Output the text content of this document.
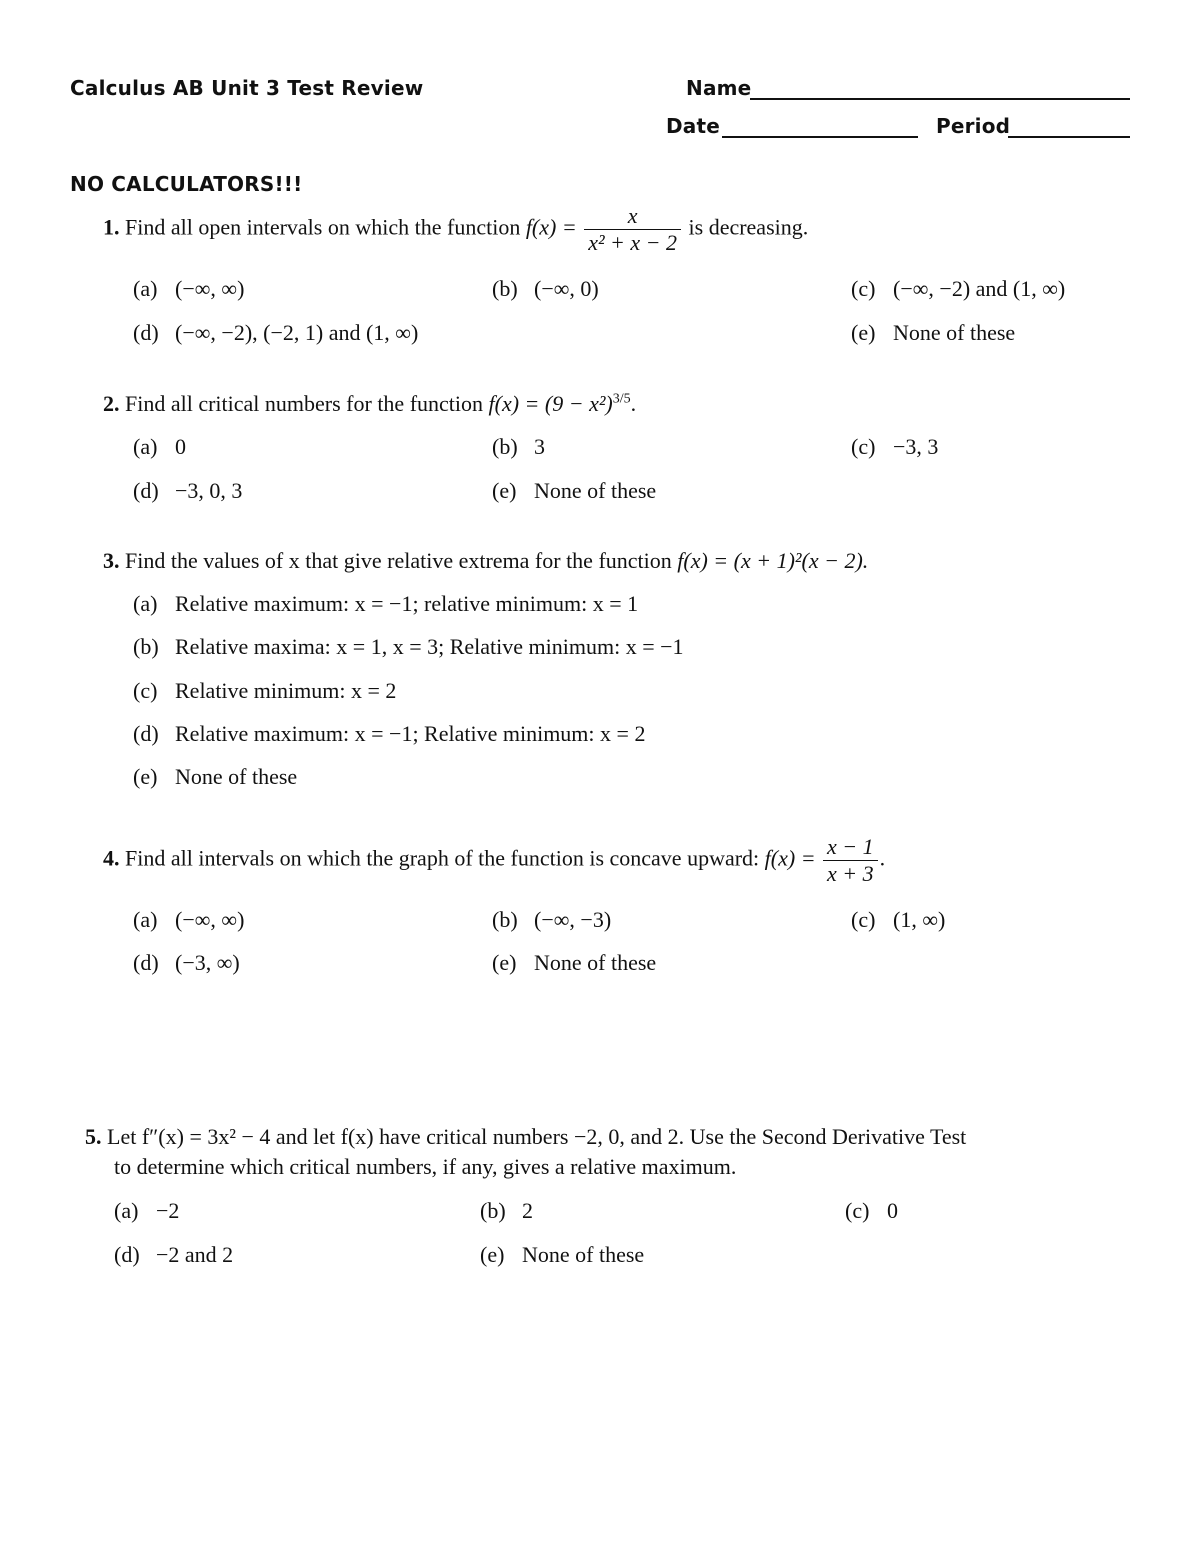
Calculus AB Unit 3 Test Review	Name
Date	Period
NO CALCULATORS!!!
1. Find all open intervals on which the function $f(x) = \frac{x}{\text{x² + x − 2}}$ is decreasing.
(a) (−∞, ∞)	(b) (−∞, 0)	(c) (−∞, −2) and (1, ∞)
(d) (−∞, −2), (−2, 1) and (1, ∞)	(e) None of these
2. Find all critical numbers for the function $f(x) = (9 - x^2)^{3/5}$.
(a) 0	(b) 3	(c) −3, 3
(d) −3, 0, 3	(e) None of these
3. Find the values of x that give relative extrema for the function f(x) = (x + 1)²(x − 2).
(a) Relative maximum: x = −1; relative minimum: x = 1
(b) Relative maxima: x = 1, x = 3; Relative minimum: x = −1
(c) Relative minimum: x = 2
(d) Relative maximum: x = −1; Relative minimum: x = 2
(e) None of these
4. Find all intervals on which the graph of the function is concave upward: $f(x) = \frac{x - 1}{x + 3}$ .
(a) (−∞, ∞)	(b) (−∞, −3)	(c) (1, ∞)
(d) (−3, ∞)	(e) None of these
5. Let f″(x) = 3x² − 4 and let f(x) have critical numbers −2, 0, and 2. Use the Second Derivative Test
to determine which critical numbers, if any, gives a relative maximum.
(a) −2	(b) 2	(c) 0
(d) −2 and 2	(e) None of these
